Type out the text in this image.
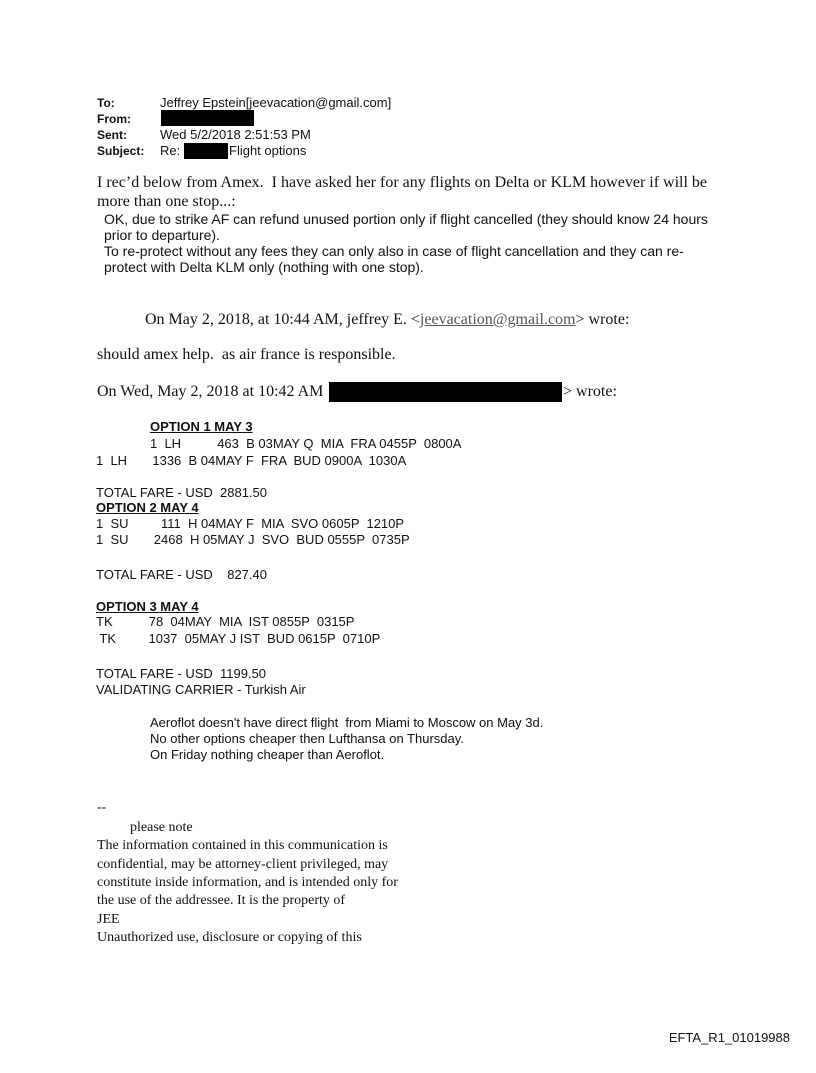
To:	Jeffrey Epstein[jeevacation@gmail.com]
From:
Sent:	Wed 5/2/2018 2:51:53 PM
Subject: Re:	Flight options
I rec’d below from Amex.  I have asked her for any flights on Delta or KLM however if will be
more than one stop...:
OK, due to strike AF can refund unused portion only if flight cancelled (they should know 24 hours
prior to departure).
To re-protect without any fees they can only also in case of flight cancellation and they can re-
protect with Delta KLM only (nothing with one stop).
On May 2, 2018, at 10:44 AM, jeffrey E. <jeevacation@gmail.com> wrote:
should amex help.  as air france is responsible.
On Wed, May 2, 2018 at 10:42 AM	> wrote:
OPTION 1 MAY 3
1  LH          463  B 03MAY Q  MIA  FRA 0455P  0800A
1  LH       1336  B 04MAY F  FRA  BUD 0900A  1030A
TOTAL FARE - USD  2881.50
OPTION 2 MAY 4
1  SU         111  H 04MAY F  MIA  SVO 0605P  1210P
1  SU       2468  H 05MAY J  SVO  BUD 0555P  0735P
TOTAL FARE - USD    827.40
OPTION 3 MAY 4
TK          78  04MAY  MIA  IST 0855P  0315P
TK         1037  05MAY J IST  BUD 0615P  0710P
TOTAL FARE - USD  1199.50
VALIDATING CARRIER - Turkish Air
Aeroflot doesn't have direct flight  from Miami to Moscow on May 3d.
No other options cheaper then Lufthansa on Thursday.
On Friday nothing cheaper than Aeroflot.
--
please note
The information contained in this communication is
confidential, may be attorney-client privileged, may
constitute inside information, and is intended only for
the use of the addressee. It is the property of
JEE
Unauthorized use, disclosure or copying of this
EFTA_R1_01019988
